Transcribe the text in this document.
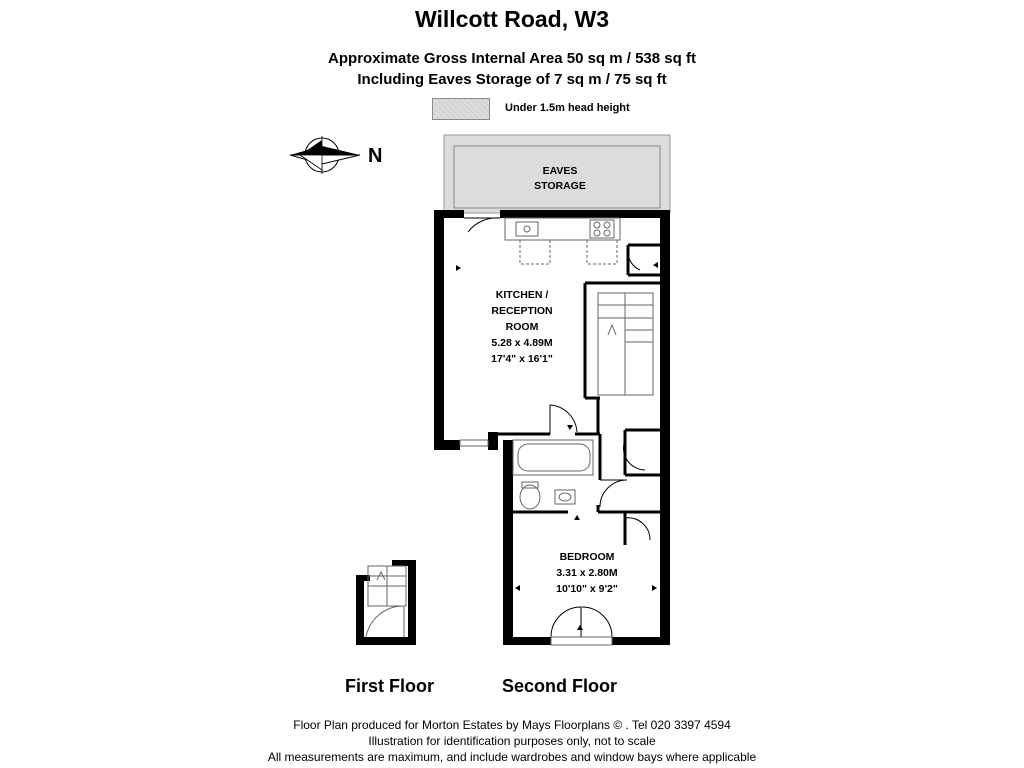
Willcott Road, W3
Approximate Gross Internal Area 50 sq m / 538 sq ft
Including Eaves Storage of 7 sq m / 75 sq ft
Under 1.5m head height
N
EAVES
STORAGE
KITCHEN /
RECEPTION
ROOM
5.28 x 4.89M
17'4" x 16'1"
BEDROOM
3.31 x 2.80M
10'10" x 9'2"
First Floor	Second Floor
Floor Plan produced for Morton Estates by Mays Floorplans © . Tel 020 3397 4594
Illustration for identification purposes only, not to scale
All measurements are maximum, and include wardrobes and window bays where applicable
